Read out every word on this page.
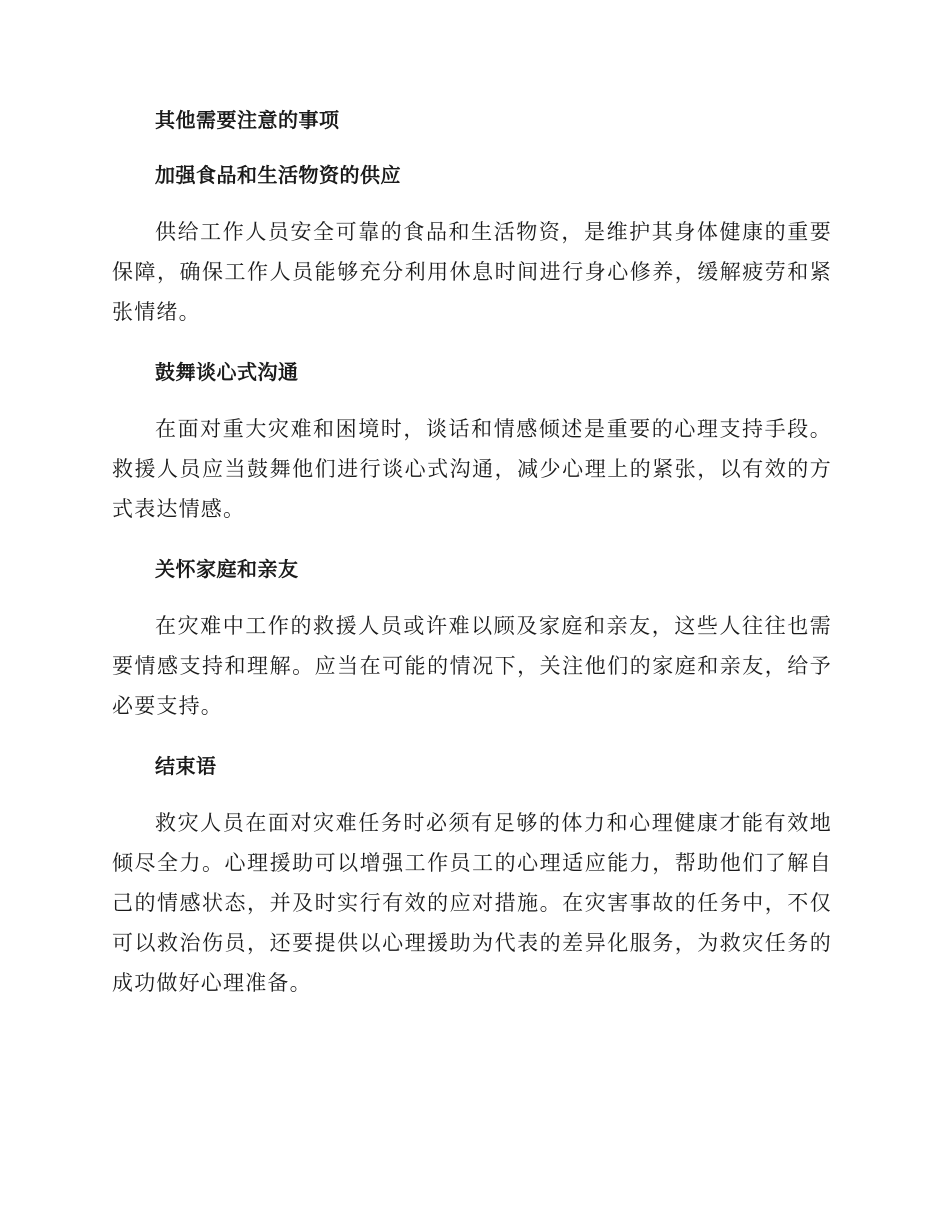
其他需要注意的事项
加强食品和生活物资的供应

供给工作人员安全可靠的食品和生活物资，是维护其身体健康的重要保障，确保工作人员能够充分利用休息时间进行身心修养，缓解疲劳和紧张情绪。

鼓舞谈心式沟通

在面对重大灾难和困境时，谈话和情感倾述是重要的心理支持手段。救援人员应当鼓舞他们进行谈心式沟通，减少心理上的紧张，以有效的方式表达情感。

关怀家庭和亲友

在灾难中工作的救援人员或许难以顾及家庭和亲友，这些人往往也需要情感支持和理解。应当在可能的情况下，关注他们的家庭和亲友，给予必要支持。

结束语

救灾人员在面对灾难任务时必须有足够的体力和心理健康才能有效地倾尽全力。心理援助可以增强工作员工的心理适应能力，帮助他们了解自己的情感状态，并及时实行有效的应对措施。在灾害事故的任务中，不仅可以救治伤员，还要提供以心理援助为代表的差异化服务，为救灾任务的成功做好心理准备。
